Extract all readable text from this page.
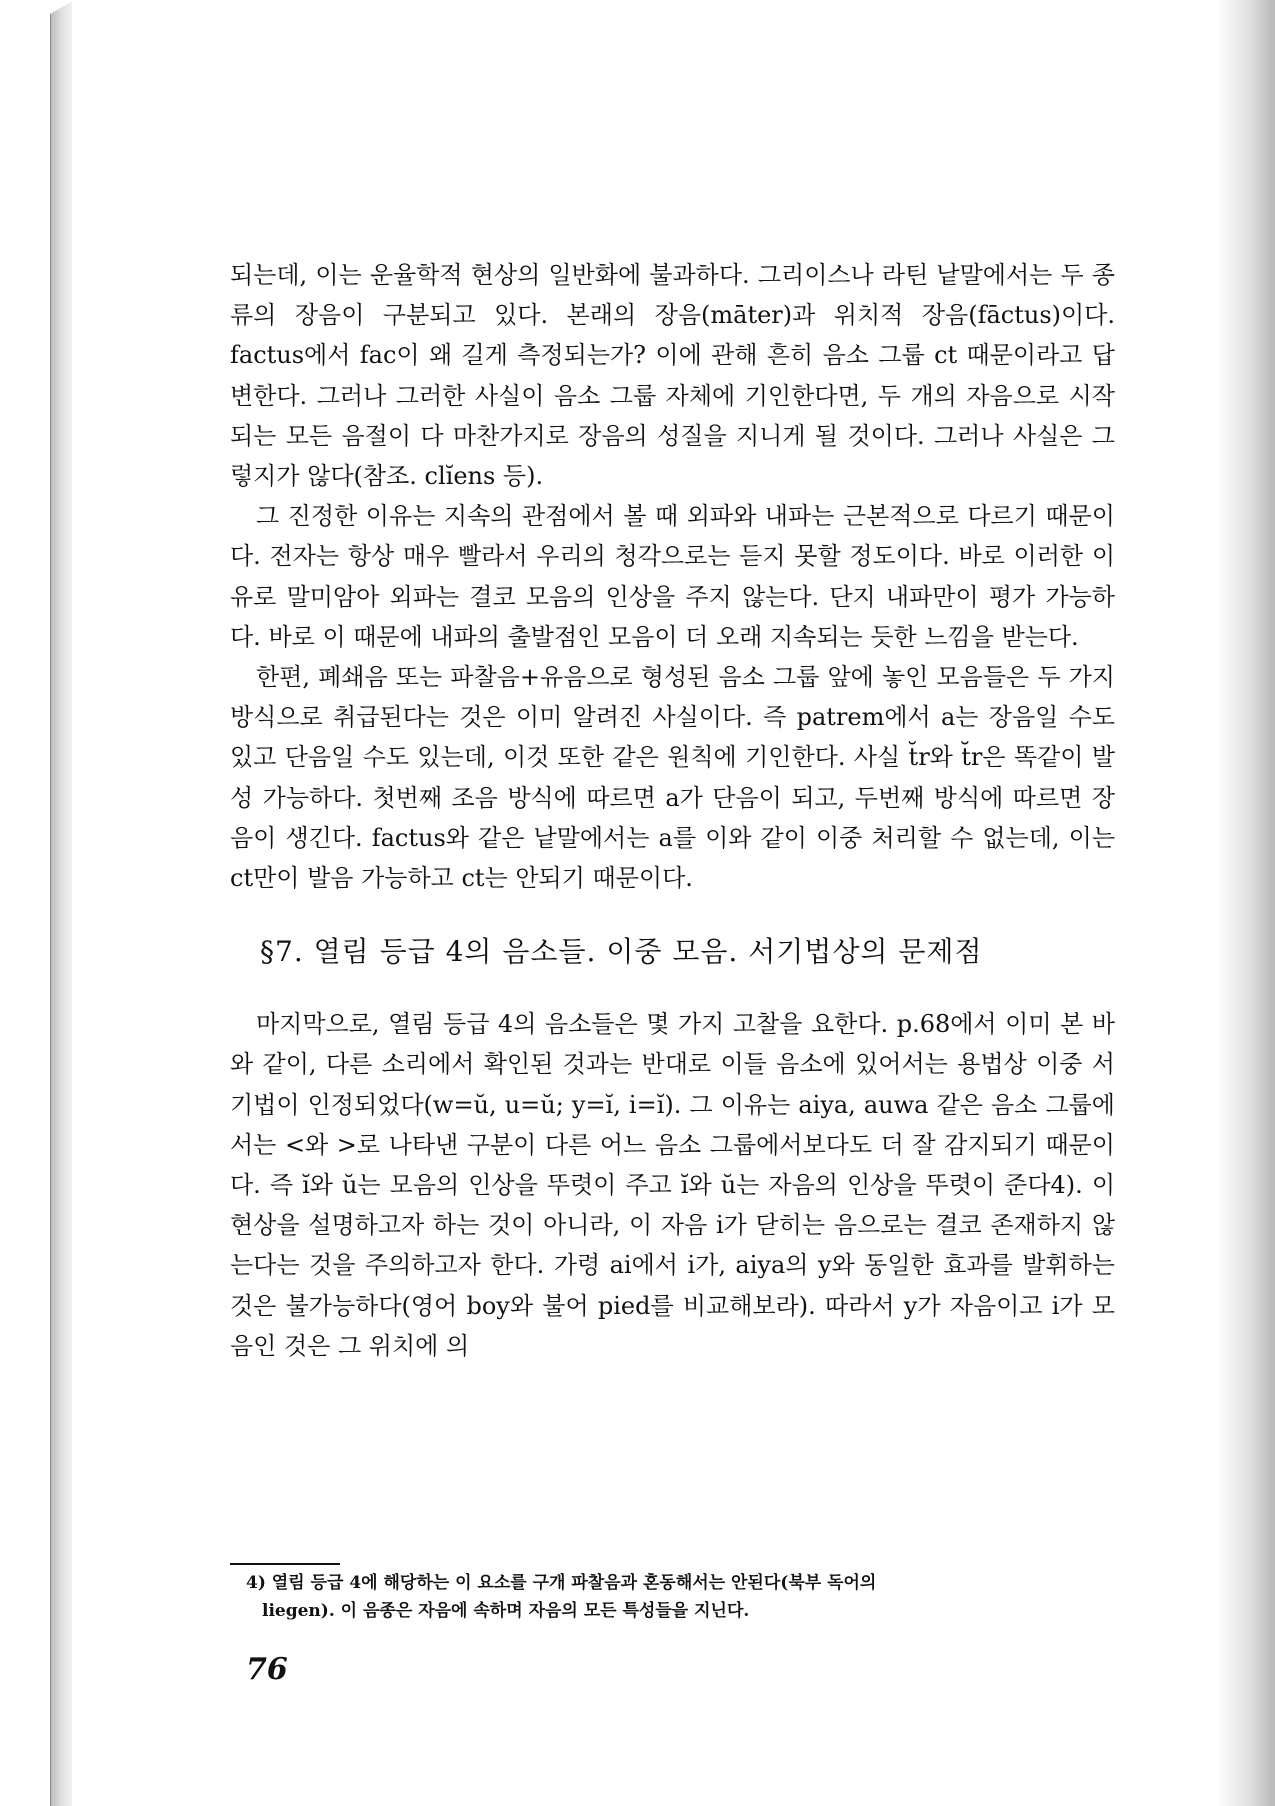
되는데, 이는 운율학적 현상의 일반화에 불과하다. 그리이스나 라틴 낱말에서는 두 종류의 장음이 구분되고 있다. 본래의 장음(māter)과 위치적 장음(fāctus)이다. factus에서 fac이 왜 길게 측정되는가? 이에 관해 흔히 음소 그룹 ct 때문이라고 답변한다. 그러나 그러한 사실이 음소 그룹 자체에 기인한다면, 두 개의 자음으로 시작되는 모든 음절이 다 마찬가지로 장음의 성질을 지니게 될 것이다. 그러나 사실은 그렇지가 않다(참조. clĭens 등).

그 진정한 이유는 지속의 관점에서 볼 때 외파와 내파는 근본적으로 다르기 때문이다. 전자는 항상 매우 빨라서 우리의 청각으로는 듣지 못할 정도이다. 바로 이러한 이유로 말미암아 외파는 결코 모음의 인상을 주지 않는다. 단지 내파만이 평가 가능하다. 바로 이 때문에 내파의 출발점인 모음이 더 오래 지속되는 듯한 느낌을 받는다.

한편, 폐쇄음 또는 파찰음+유음으로 형성된 음소 그룹 앞에 놓인 모음들은 두 가지 방식으로 취급된다는 것은 이미 알려진 사실이다. 즉 patrem에서 a는 장음일 수도 있고 단음일 수도 있는데, 이것 또한 같은 원칙에 기인한다. 사실 t̆r와 t̆r은 똑같이 발성 가능하다. 첫번째 조음 방식에 따르면 a가 단음이 되고, 두번째 방식에 따르면 장음이 생긴다. factus와 같은 낱말에서는 a를 이와 같이 이중 처리할 수 없는데, 이는 ct만이 발음 가능하고 ct는 안되기 때문이다.

§7. 열림 등급 4의 음소들. 이중 모음. 서기법상의 문제점

마지막으로, 열림 등급 4의 음소들은 몇 가지 고찰을 요한다. p.68에서 이미 본 바와 같이, 다른 소리에서 확인된 것과는 반대로 이들 음소에 있어서는 용법상 이중 서기법이 인정되었다(w=ŭ, u=ŭ; y=ĭ, i=ĭ). 그 이유는 aiya, auwa 같은 음소 그룹에서는 <와 >로 나타낸 구분이 다른 어느 음소 그룹에서보다도 더 잘 감지되기 때문이다. 즉 ĭ와 ŭ는 모음의 인상을 뚜렷이 주고 ĭ와 ŭ는 자음의 인상을 뚜렷이 준다4). 이 현상을 설명하고자 하는 것이 아니라, 이 자음 i가 닫히는 음으로는 결코 존재하지 않는다는 것을 주의하고자 한다. 가령 ai에서 i가, aiya의 y와 동일한 효과를 발휘하는 것은 불가능하다(영어 boy와 불어 pied를 비교해보라). 따라서 y가 자음이고 i가 모음인 것은 그 위치에 의

4) 열림 등급 4에 해당하는 이 요소를 구개 파찰음과 혼동해서는 안된다(북부 독어의
liegen). 이 음종은 자음에 속하며 자음의 모든 특성들을 지닌다.
76
